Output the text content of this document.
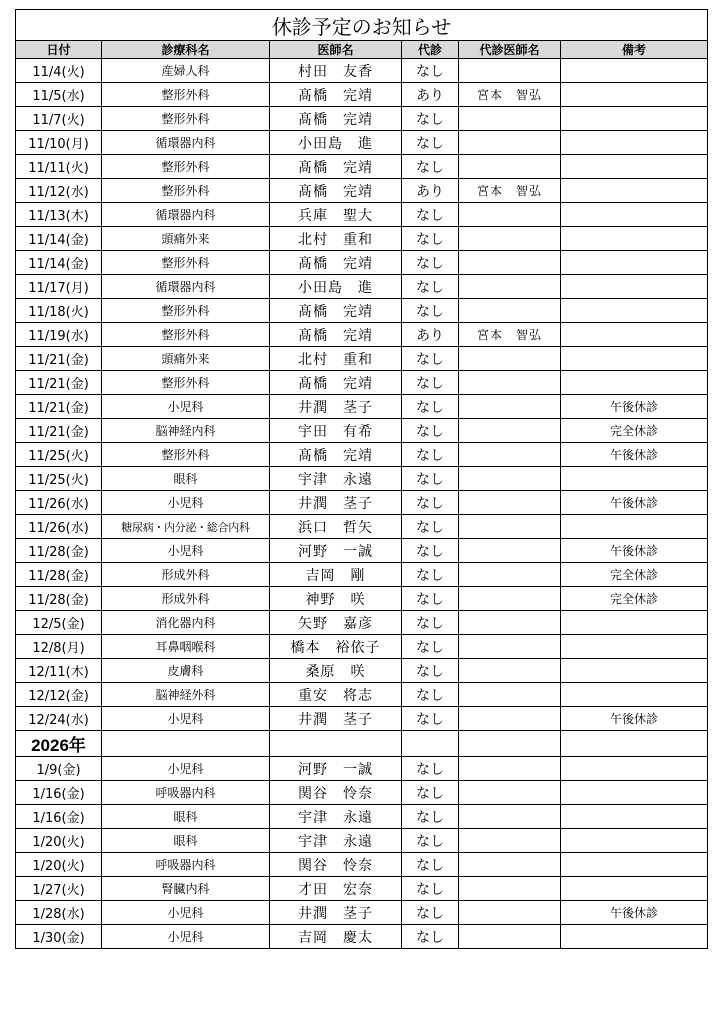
休診予定のお知らせ					
日付	診療科名	医師名	代診	代診医師名	備考
11/4(火)	産婦人科	村田　友香	なし		
11/5(水)	整形外科	髙橋　完靖	あり	宮本　智弘	
11/7(火)	整形外科	髙橋　完靖	なし		
11/10(月)	循環器内科	小田島　進	なし		
11/11(火)	整形外科	髙橋　完靖	なし		
11/12(水)	整形外科	髙橋　完靖	あり	宮本　智弘	
11/13(木)	循環器内科	兵庫　聖大	なし		
11/14(金)	頭痛外来	北村　重和	なし		
11/14(金)	整形外科	髙橋　完靖	なし		
11/17(月)	循環器内科	小田島　進	なし		
11/18(火)	整形外科	髙橋　完靖	なし		
11/19(水)	整形外科	髙橋　完靖	あり	宮本　智弘	
11/21(金)	頭痛外来	北村　重和	なし		
11/21(金)	整形外科	髙橋　完靖	なし		
11/21(金)	小児科	井潤　茎子	なし		午後休診
11/21(金)	脳神経内科	宇田　有希	なし		完全休診
11/25(火)	整形外科	髙橋　完靖	なし		午後休診
11/25(火)	眼科	宇津　永遠	なし		
11/26(水)	小児科	井潤　茎子	なし		午後休診
11/26(水)	糖尿病・内分泌・総合内科	浜口　哲矢	なし		
11/28(金)	小児科	河野　一誠	なし		午後休診
11/28(金)	形成外科	吉岡　剛	なし		完全休診
11/28(金)	形成外科	神野　咲	なし		完全休診
12/5(金)	消化器内科	矢野　嘉彦	なし		
12/8(月)	耳鼻咽喉科	橋本　裕依子	なし		
12/11(木)	皮膚科	桑原　咲	なし		
12/12(金)	脳神経外科	重安　将志	なし		
12/24(水)	小児科	井潤　茎子	なし		午後休診
2026年					
1/9(金)	小児科	河野　一誠	なし		
1/16(金)	呼吸器内科	関谷　怜奈	なし		
1/16(金)	眼科	宇津　永遠	なし		
1/20(火)	眼科	宇津　永遠	なし		
1/20(火)	呼吸器内科	関谷　怜奈	なし		
1/27(火)	腎臓内科	才田　宏奈	なし		
1/28(水)	小児科	井潤　茎子	なし		午後休診
1/30(金)	小児科	吉岡　慶太	なし		
